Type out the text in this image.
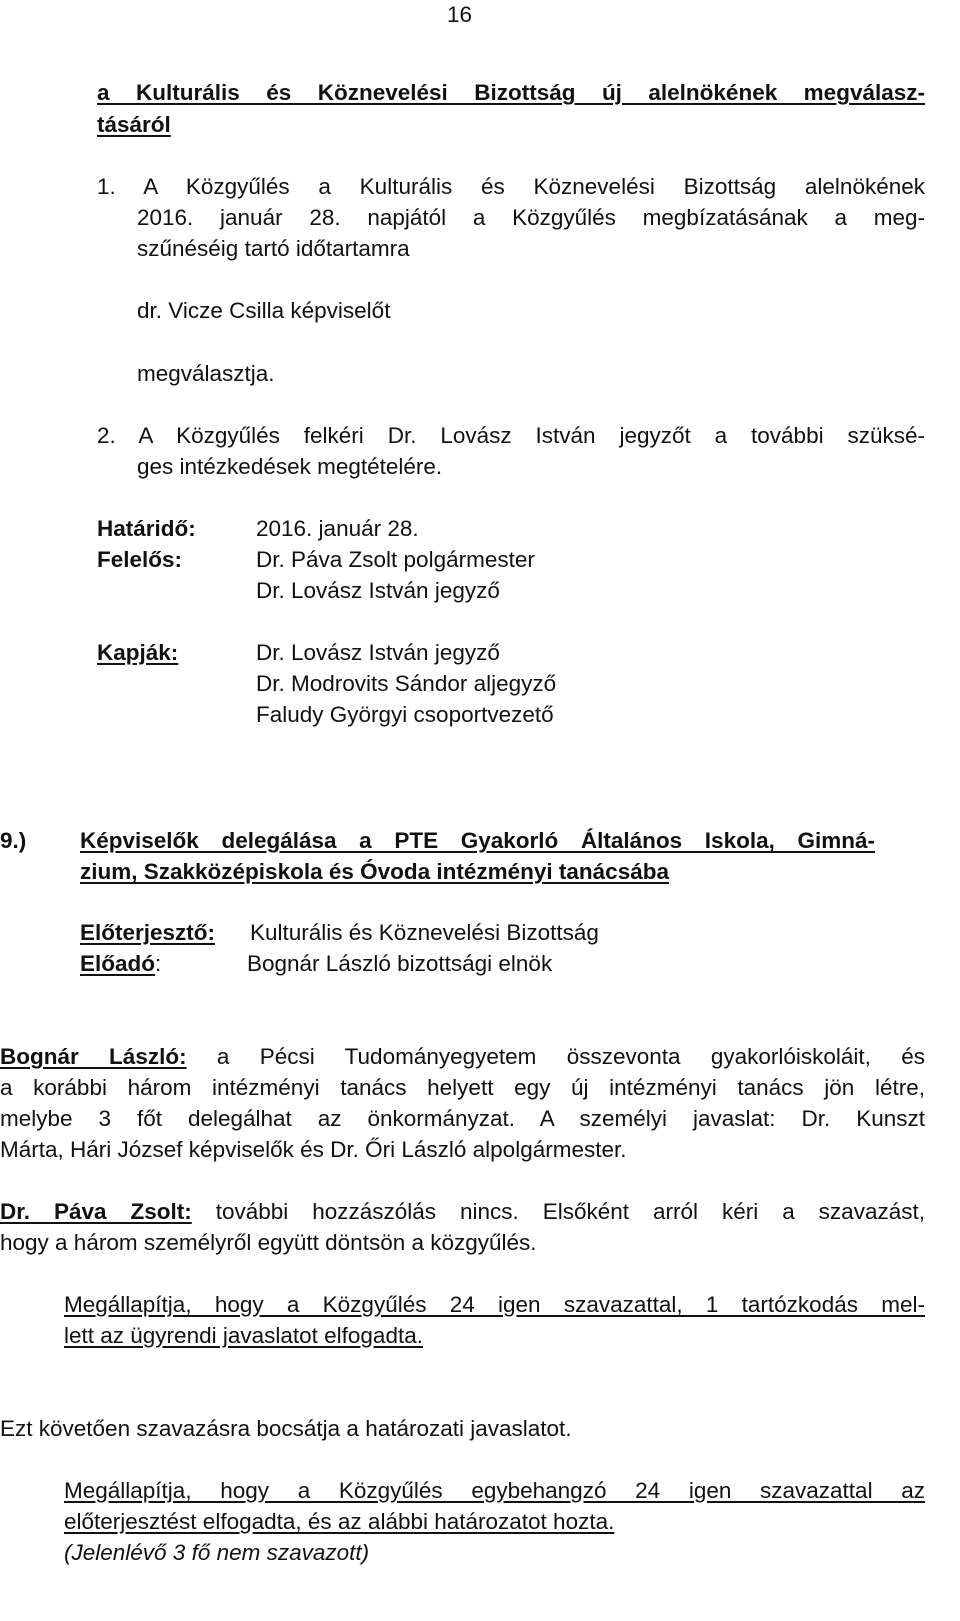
16
a Kulturális és Köznevelési Bizottság új alelnökének megválasz-
tásáról
1. A Közgyűlés a Kulturális és Köznevelési Bizottság alelnökének
2016. január 28. napjától a Közgyűlés megbízatásának a meg-
szűnéséig tartó időtartamra
dr. Vicze Csilla képviselőt
megválasztja.
2. A Közgyűlés felkéri Dr. Lovász István jegyzőt a további szüksé-
ges intézkedések megtételére.
Határidő:	2016. január 28.
Felelős:	Dr. Páva Zsolt polgármester
Dr. Lovász István jegyző
Kapják:	Dr. Lovász István jegyző
Dr. Modrovits Sándor aljegyző
Faludy Györgyi csoportvezető
9.) Képviselők delegálása a PTE Gyakorló Általános Iskola, Gimná-
zium, Szakközépiskola és Óvoda intézményi tanácsába
Előterjesztő: Kulturális és Köznevelési Bizottság
Előadó:	Bognár László bizottsági elnök
Bognár László: a Pécsi Tudományegyetem összevonta gyakorlóiskoláit, és
a korábbi három intézményi tanács helyett egy új intézményi tanács jön létre,
melybe 3 főt delegálhat az önkormányzat. A személyi javaslat: Dr. Kunszt
Márta, Hári József képviselők és Dr. Őri László alpolgármester.
Dr. Páva Zsolt: további hozzászólás nincs. Elsőként arról kéri a szavazást,
hogy a három személyről együtt döntsön a közgyűlés.
Megállapítja, hogy a Közgyűlés 24 igen szavazattal, 1 tartózkodás mel-
lett az ügyrendi javaslatot elfogadta.
Ezt követően szavazásra bocsátja a határozati javaslatot.
Megállapítja, hogy a Közgyűlés egybehangzó 24 igen szavazattal az
előterjesztést elfogadta, és az alábbi határozatot hozta.
(Jelenlévő 3 fő nem szavazott)
